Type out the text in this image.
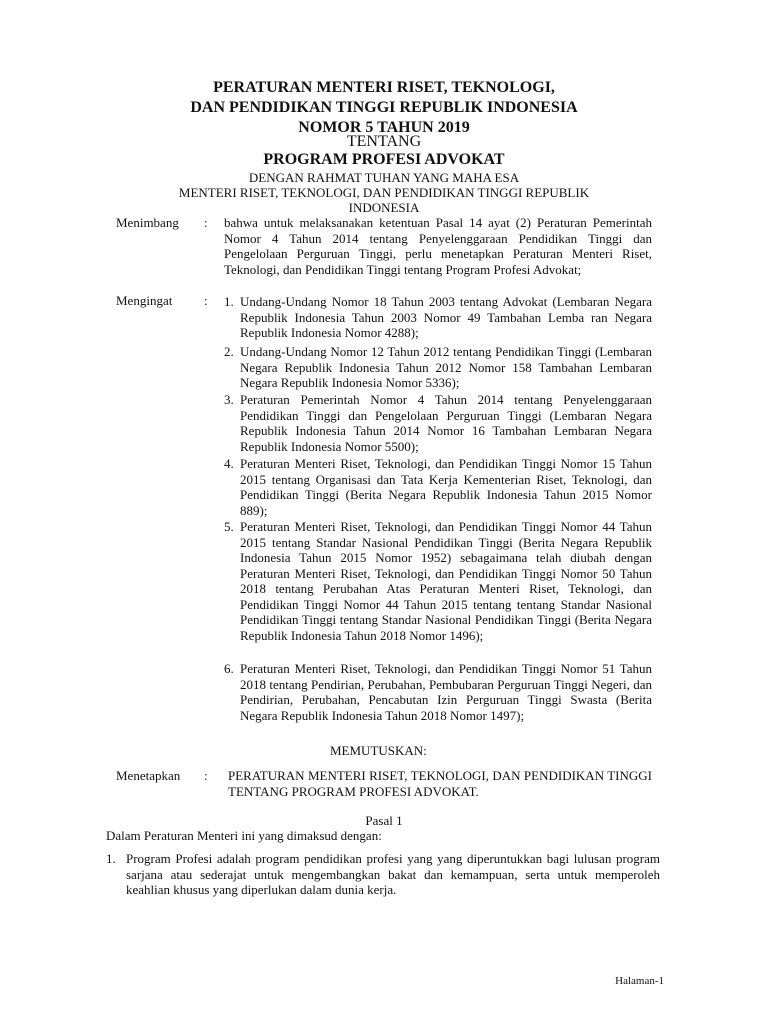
PERATURAN MENTERI RISET, TEKNOLOGI,
DAN PENDIDIKAN TINGGI REPUBLIK INDONESIA
NOMOR 5 TAHUN 2019
TENTANG
PROGRAM PROFESI ADVOKAT
DENGAN RAHMAT TUHAN YANG MAHA ESA
MENTERI RISET, TEKNOLOGI, DAN PENDIDIKAN TINGGI REPUBLIK
INDONESIA
Menimbang : bahwa untuk melaksanakan ketentuan Pasal 14 ayat (2) Peraturan Pemerintah Nomor 4 Tahun 2014 tentang Penyelenggaraan Pendidikan Tinggi dan Pengelolaan Perguruan Tinggi, perlu menetapkan Peraturan Menteri Riset, Teknologi, dan Pendidikan Tinggi tentang Program Profesi Advokat;
Mengingat : 1. Undang-Undang Nomor 18 Tahun 2003 tentang Advokat (Lembaran Negara Republik Indonesia Tahun 2003 Nomor 49 Tambahan Lemba ran Negara Republik Indonesia Nomor 4288);
2. Undang-Undang Nomor 12 Tahun 2012 tentang Pendidikan Tinggi (Lembaran Negara Republik Indonesia Tahun 2012 Nomor 158 Tambahan Lembaran Negara Republik Indonesia Nomor 5336);
3. Peraturan Pemerintah Nomor 4 Tahun 2014 tentang Penyelenggaraan Pendidikan Tinggi dan Pengelolaan Perguruan Tinggi (Lembaran Negara Republik Indonesia Tahun 2014 Nomor 16 Tambahan Lembaran Negara Republik Indonesia Nomor 5500);
4. Peraturan Menteri Riset, Teknologi, dan Pendidikan Tinggi Nomor 15 Tahun 2015 tentang Organisasi dan Tata Kerja Kementerian Riset, Teknologi, dan Pendidikan Tinggi (Berita Negara Republik Indonesia Tahun 2015 Nomor 889);
5. Peraturan Menteri Riset, Teknologi, dan Pendidikan Tinggi Nomor 44 Tahun 2015 tentang Standar Nasional Pendidikan Tinggi (Berita Negara Republik Indonesia Tahun 2015 Nomor 1952) sebagaimana telah diubah dengan Peraturan Menteri Riset, Teknologi, dan Pendidikan Tinggi Nomor 50 Tahun 2018 tentang Perubahan Atas Peraturan Menteri Riset, Teknologi, dan Pendidikan Tinggi Nomor 44 Tahun 2015 tentang tentang Standar Nasional Pendidikan Tinggi tentang Standar Nasional Pendidikan Tinggi (Berita Negara Republik Indonesia Tahun 2018 Nomor 1496);
6. Peraturan Menteri Riset, Teknologi, dan Pendidikan Tinggi Nomor 51 Tahun 2018 tentang Pendirian, Perubahan, Pembubaran Perguruan Tinggi Negeri, dan Pendirian, Perubahan, Pencabutan Izin Perguruan Tinggi Swasta (Berita Negara Republik Indonesia Tahun 2018 Nomor 1497);
MEMUTUSKAN:
Menetapkan : PERATURAN MENTERI RISET, TEKNOLOGI, DAN PENDIDIKAN TINGGI TENTANG PROGRAM PROFESI ADVOKAT.
Pasal 1
Dalam Peraturan Menteri ini yang dimaksud dengan:
1. Program Profesi adalah program pendidikan profesi yang yang diperuntukkan bagi lulusan program sarjana atau sederajat untuk mengembangkan bakat dan kemampuan, serta untuk memperoleh keahlian khusus yang diperlukan dalam dunia kerja.
Halaman-1
